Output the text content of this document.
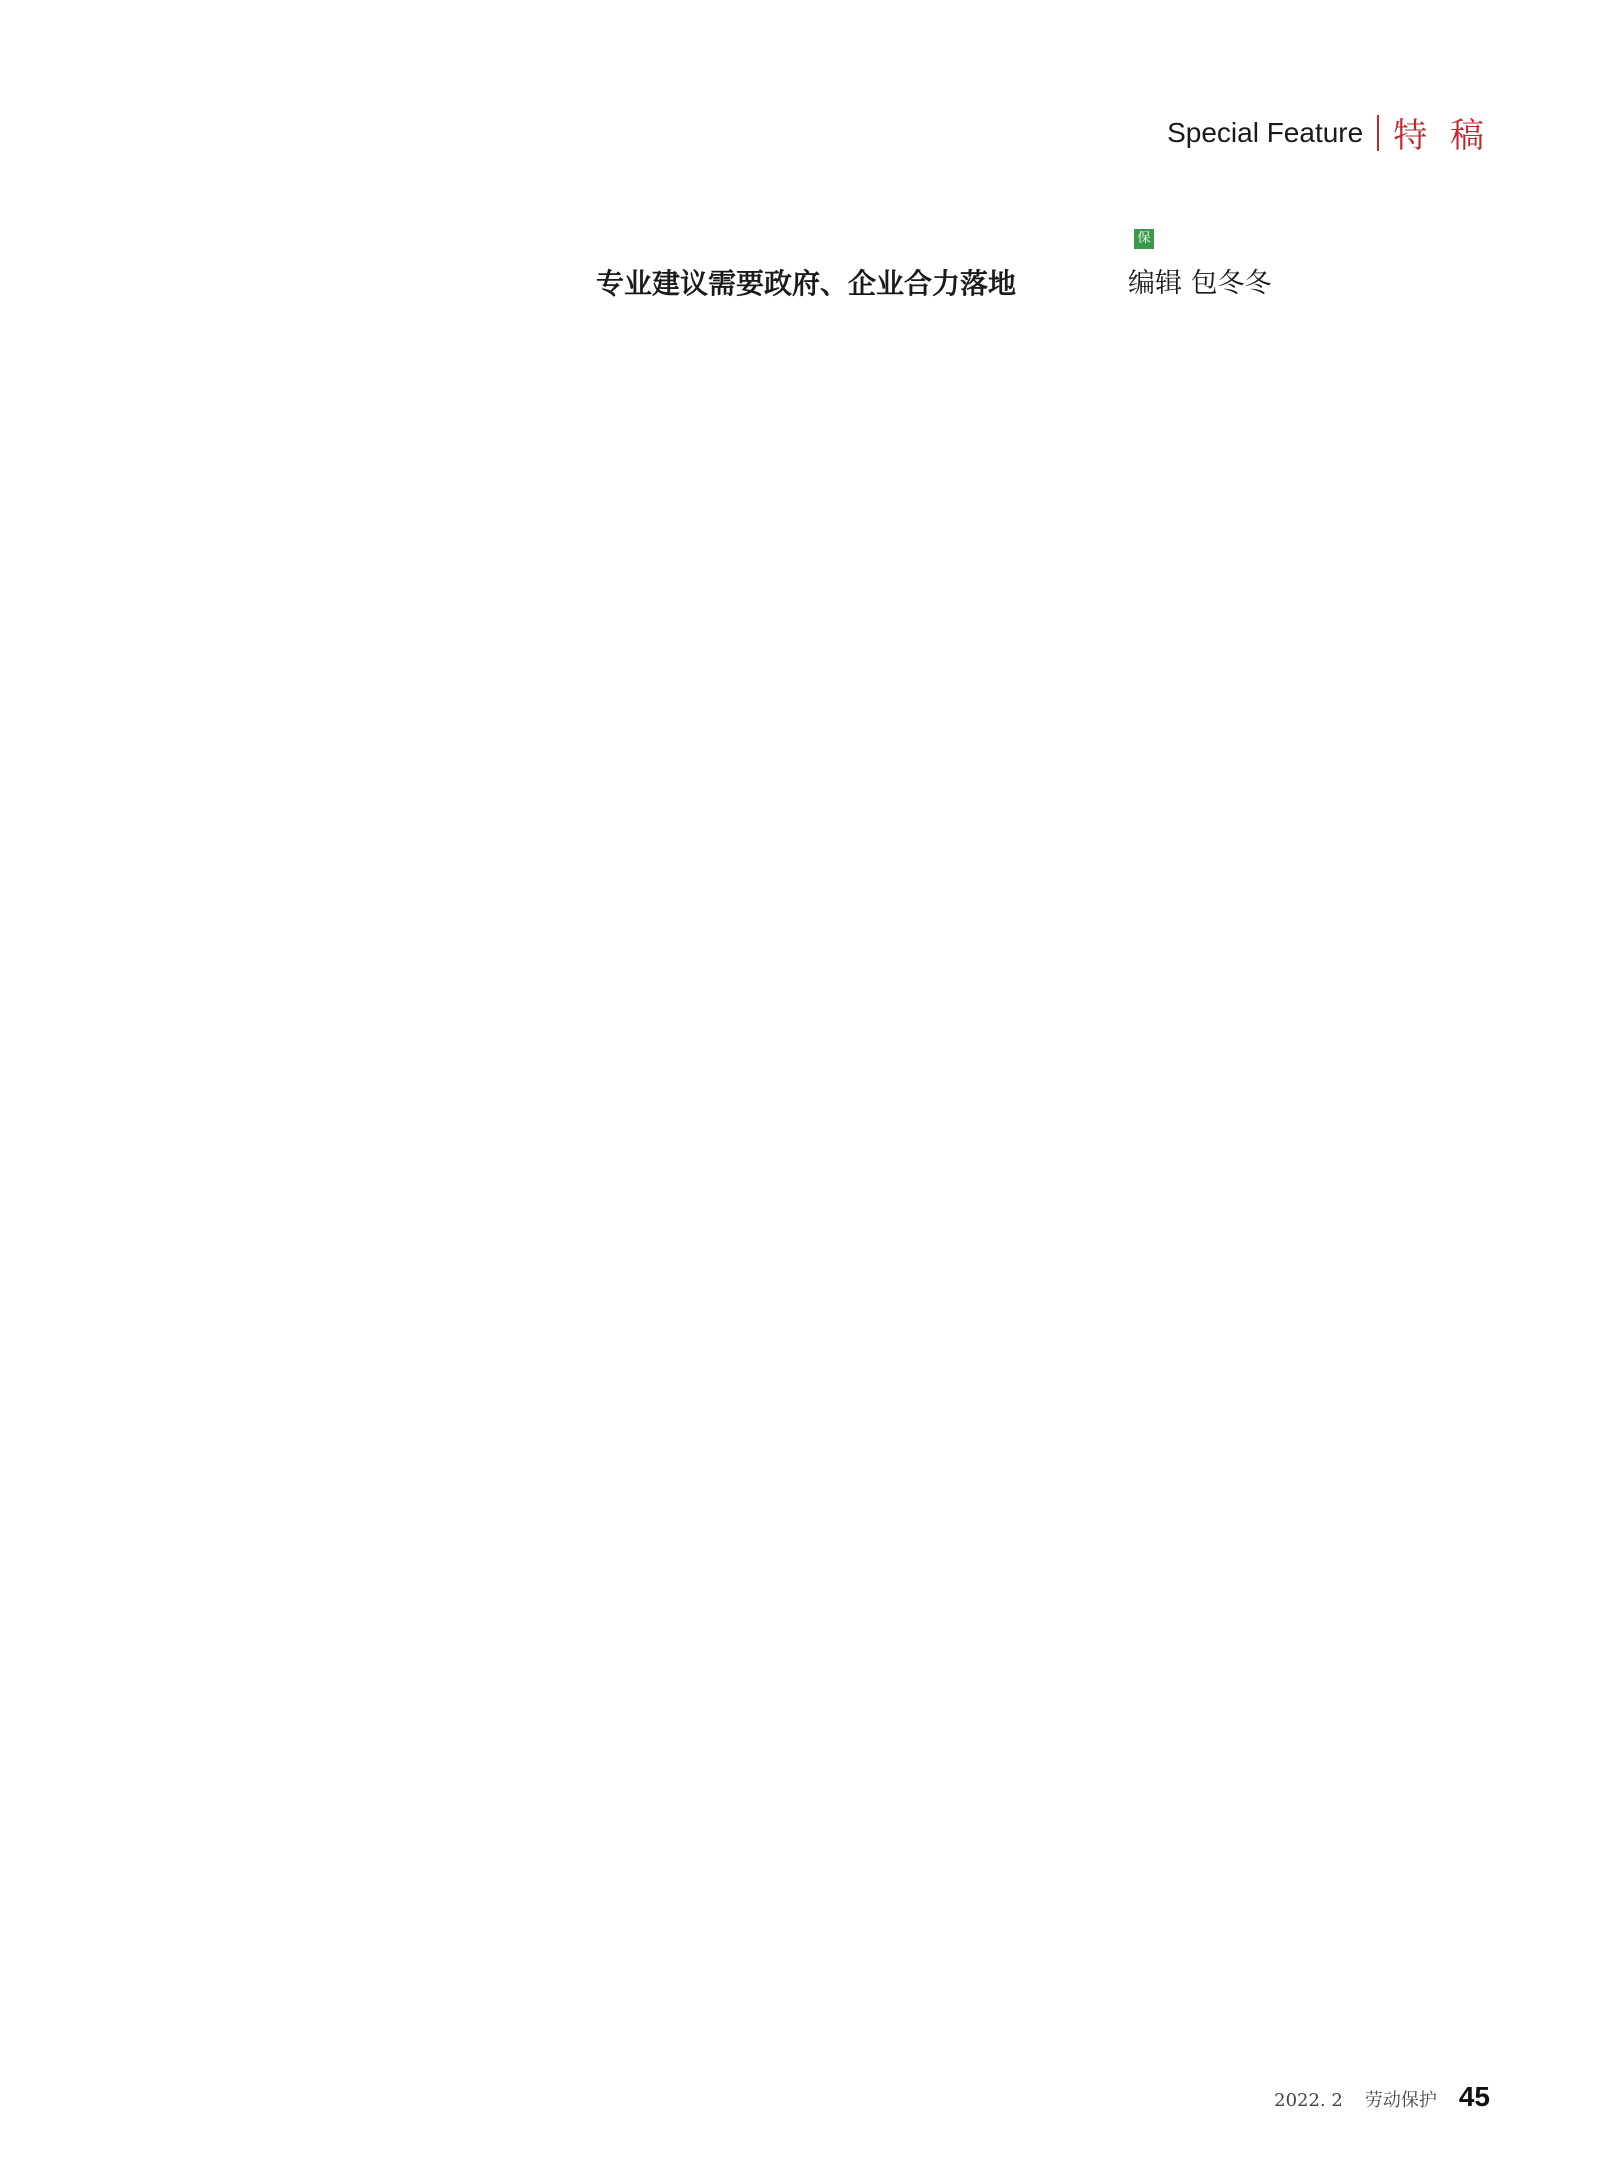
Special Feature 特 稿

专业建议需要政府、企业合力落地

保

编辑 包冬冬

2022. 2 劳动保护 45
